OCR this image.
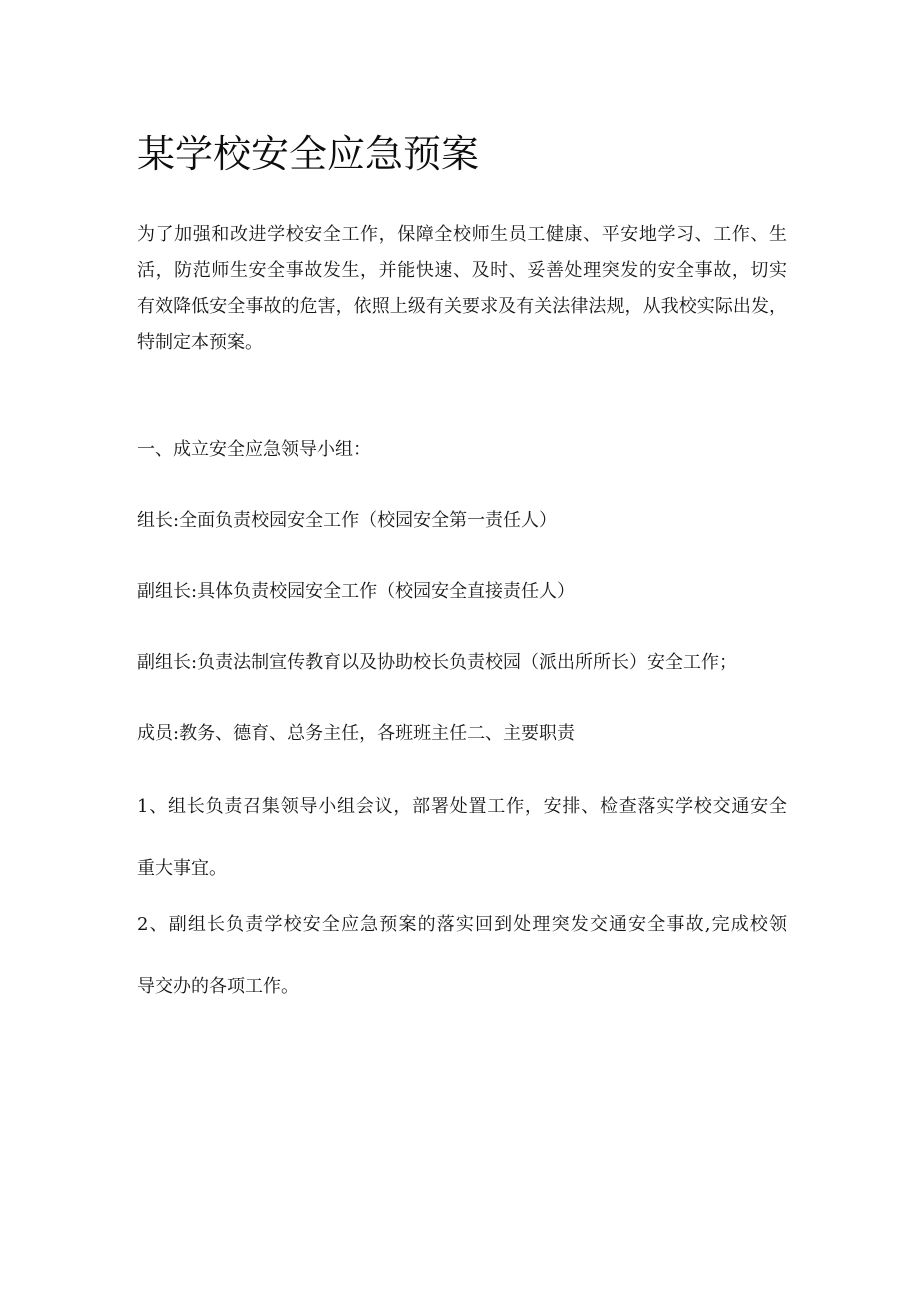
某学校安全应急预案
为了加强和改进学校安全工作，保障全校师生员工健康、平安地学习、工作、生
活，防范师生安全事故发生，并能快速、及时、妥善处理突发的安全事故，切实
有效降低安全事故的危害，依照上级有关要求及有关法律法规，从我校实际出发，
特制定本预案。

一、成立安全应急领导小组：

组长:全面负责校园安全工作（校园安全第一责任人）

副组长:具体负责校园安全工作（校园安全直接责任人）

副组长:负责法制宣传教育以及协助校长负责校园（派出所所长）安全工作；

成员:教务、德育、总务主任，各班班主任二、主要职责

1、组长负责召集领导小组会议，部署处置工作，安排、检查落实学校交通安全
重大事宜。
2、副组长负责学校安全应急预案的落实回到处理突发交通安全事故,完成校领
导交办的各项工作。
